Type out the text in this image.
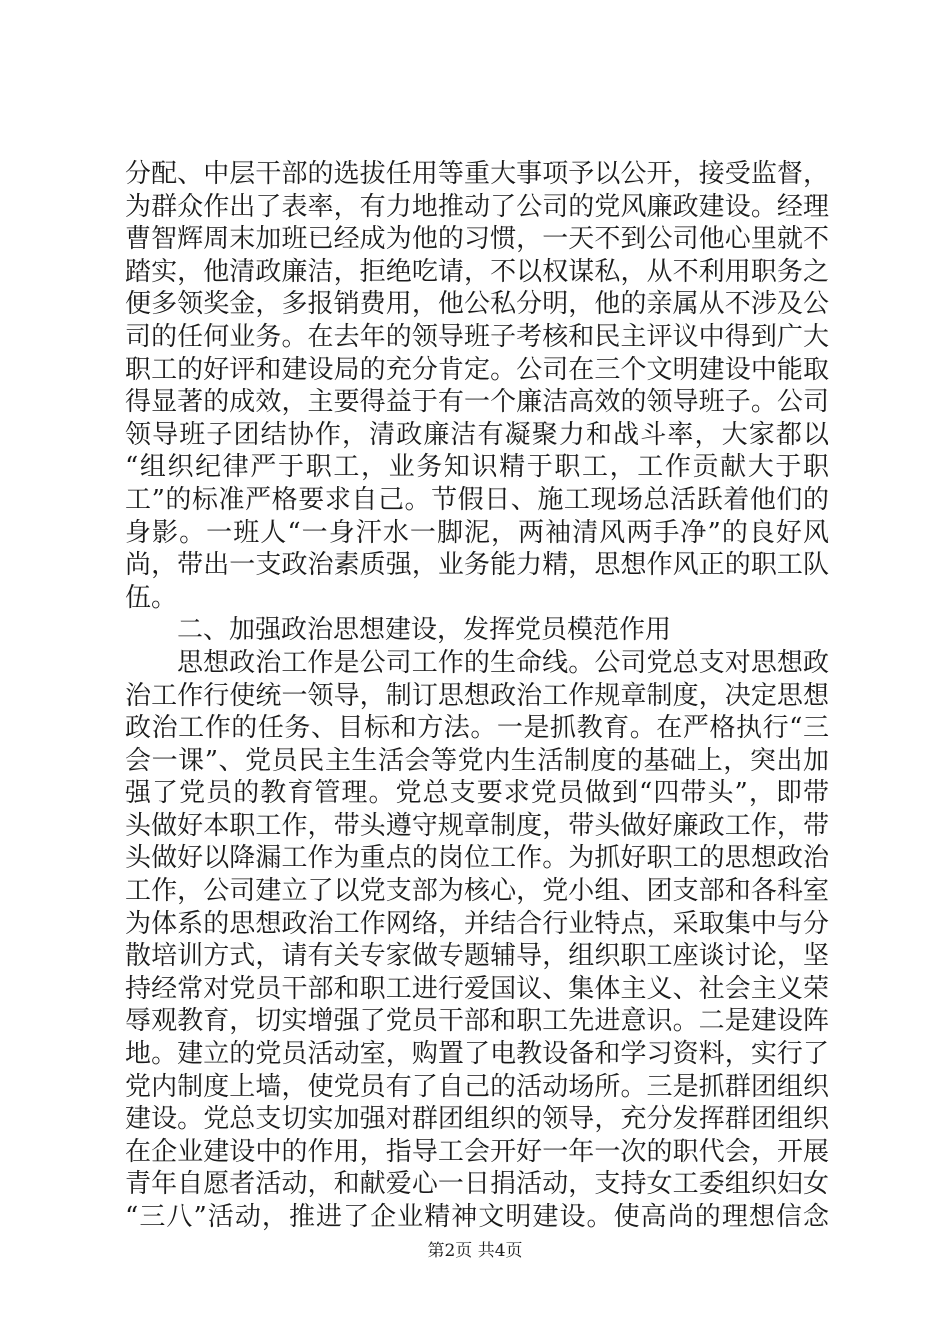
分配、中层干部的选拔任用等重大事项予以公开，接受监督，
为群众作出了表率，有力地推动了公司的党风廉政建设。经理
曹智辉周末加班已经成为他的习惯，一天不到公司他心里就不
踏实，他清政廉洁，拒绝吃请，不以权谋私，从不利用职务之
便多领奖金，多报销费用，他公私分明，他的亲属从不涉及公
司的任何业务。在去年的领导班子考核和民主评议中得到广大
职工的好评和建设局的充分肯定。公司在三个文明建设中能取
得显著的成效，主要得益于有一个廉洁高效的领导班子。公司
领导班子团结协作，清政廉洁有凝聚力和战斗率，大家都以
“组织纪律严于职工，业务知识精于职工，工作贡献大于职
工”的标准严格要求自己。节假日、施工现场总活跃着他们的
身影。一班人“一身汗水一脚泥，两袖清风两手净”的良好风
尚，带出一支政治素质强，业务能力精，思想作风正的职工队
伍。
二、加强政治思想建设，发挥党员模范作用
思想政治工作是公司工作的生命线。公司党总支对思想政
治工作行使统一领导，制订思想政治工作规章制度，决定思想
政治工作的任务、目标和方法。一是抓教育。在严格执行“三
会一课”、党员民主生活会等党内生活制度的基础上，突出加
强了党员的教育管理。党总支要求党员做到“四带头”，即带
头做好本职工作，带头遵守规章制度，带头做好廉政工作，带
头做好以降漏工作为重点的岗位工作。为抓好职工的思想政治
工作，公司建立了以党支部为核心，党小组、团支部和各科室
为体系的思想政治工作网络，并结合行业特点，采取集中与分
散培训方式，请有关专家做专题辅导，组织职工座谈讨论，坚
持经常对党员干部和职工进行爱国议、集体主义、社会主义荣
辱观教育，切实增强了党员干部和职工先进意识。二是建设阵
地。建立的党员活动室，购置了电教设备和学习资料，实行了
党内制度上墙，使党员有了自己的活动场所。三是抓群团组织
建设。党总支切实加强对群团组织的领导，充分发挥群团组织
在企业建设中的作用，指导工会开好一年一次的职代会，开展
青年自愿者活动，和献爱心一日捐活动，支持女工委组织妇女
“三八”活动，推进了企业精神文明建设。使高尚的理想信念
第2页 共4页
